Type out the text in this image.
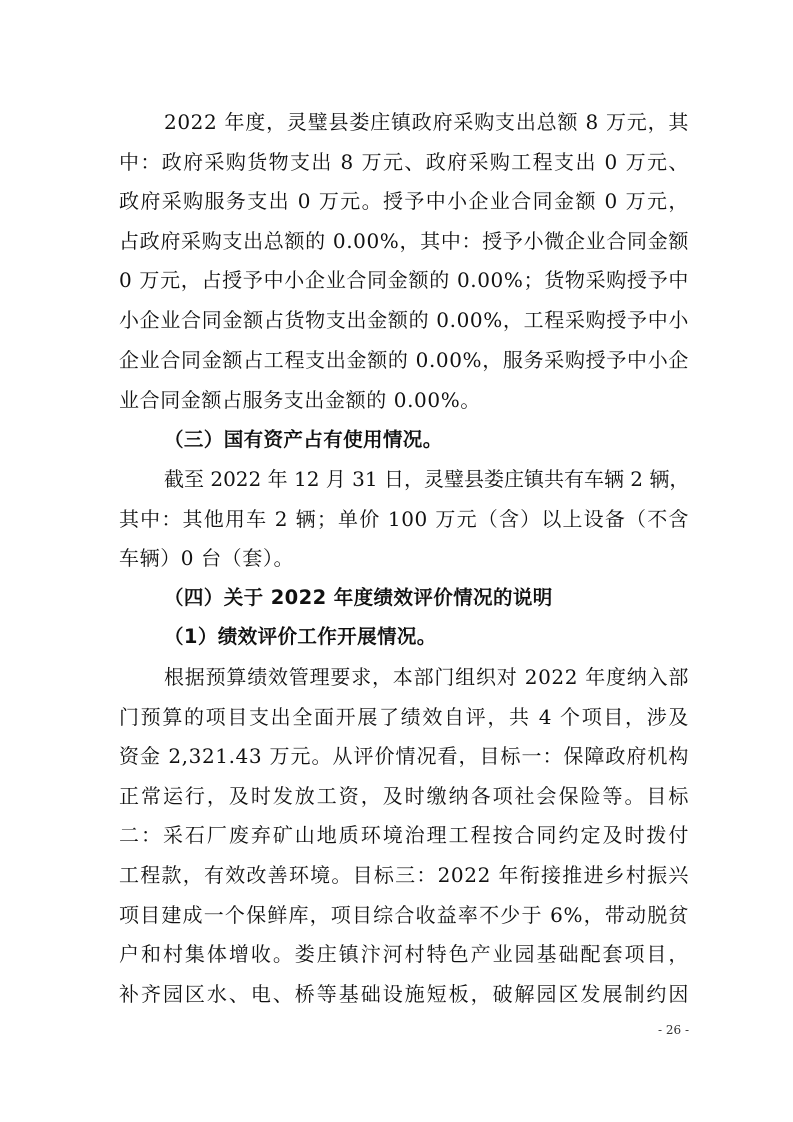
2022 年度，灵璧县娄庄镇政府采购支出总额 8 万元，其
中：政府采购货物支出 8 万元、政府采购工程支出 0 万元、
政府采购服务支出 0 万元。授予中小企业合同金额 0 万元，
占政府采购支出总额的 0.00%，其中：授予小微企业合同金额
0 万元，占授予中小企业合同金额的 0.00%；货物采购授予中
小企业合同金额占货物支出金额的 0.00%，工程采购授予中小
企业合同金额占工程支出金额的 0.00%，服务采购授予中小企
业合同金额占服务支出金额的 0.00%。
（三）国有资产占有使用情况。
截至 2022 年 12 月 31 日，灵璧县娄庄镇共有车辆 2 辆，
其中：其他用车 2 辆；单价 100 万元（含）以上设备（不含
车辆）0 台（套）。
（四）关于 2022 年度绩效评价情况的说明
（1）绩效评价工作开展情况。
根据预算绩效管理要求，本部门组织对 2022 年度纳入部
门预算的项目支出全面开展了绩效自评，共 4 个项目，涉及
资金 2,321.43 万元。从评价情况看，目标一：保障政府机构
正常运行，及时发放工资，及时缴纳各项社会保险等。目标
二：采石厂废弃矿山地质环境治理工程按合同约定及时拨付
工程款，有效改善环境。目标三：2022 年衔接推进乡村振兴
项目建成一个保鲜库，项目综合收益率不少于 6%，带动脱贫
户和村集体增收。娄庄镇汴河村特色产业园基础配套项目，
补齐园区水、电、桥等基础设施短板，破解园区发展制约因
- 26 -
